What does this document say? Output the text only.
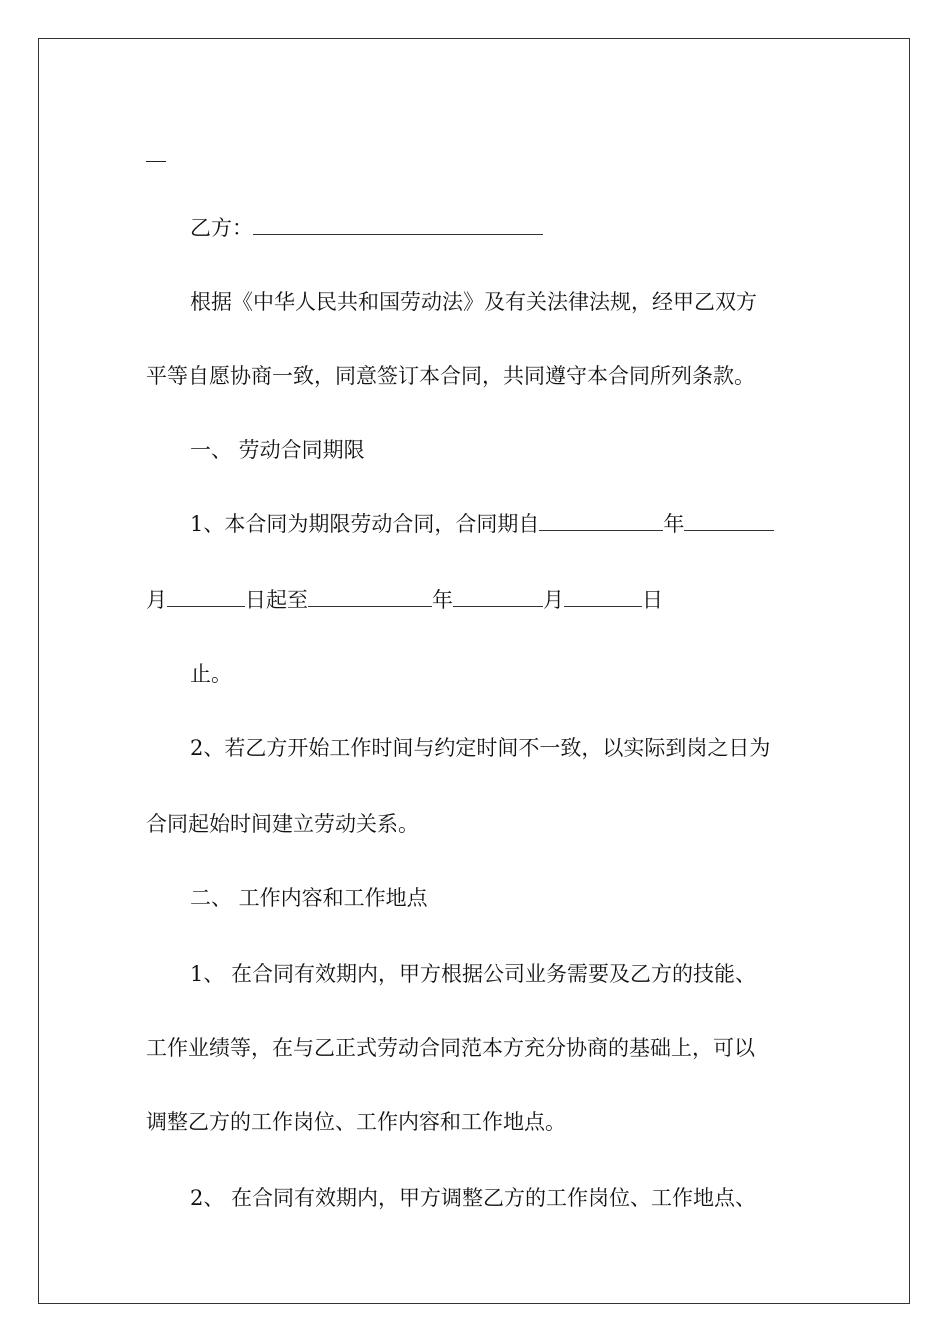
乙方：
根据《中华人民共和国劳动法》及有关法律法规，经甲乙双方
平等自愿协商一致，同意签订本合同，共同遵守本合同所列条款。
一、 劳动合同期限
1、本合同为期限劳动合同，合同期自	年
月	日起至	年	月	日
止。
2、若乙方开始工作时间与约定时间不一致，以实际到岗之日为
合同起始时间建立劳动关系。
二、 工作内容和工作地点
1、 在合同有效期内，甲方根据公司业务需要及乙方的技能、
工作业绩等，在与乙正式劳动合同范本方充分协商的基础上，可以
调整乙方的工作岗位、工作内容和工作地点。
2、 在合同有效期内，甲方调整乙方的工作岗位、工作地点、
